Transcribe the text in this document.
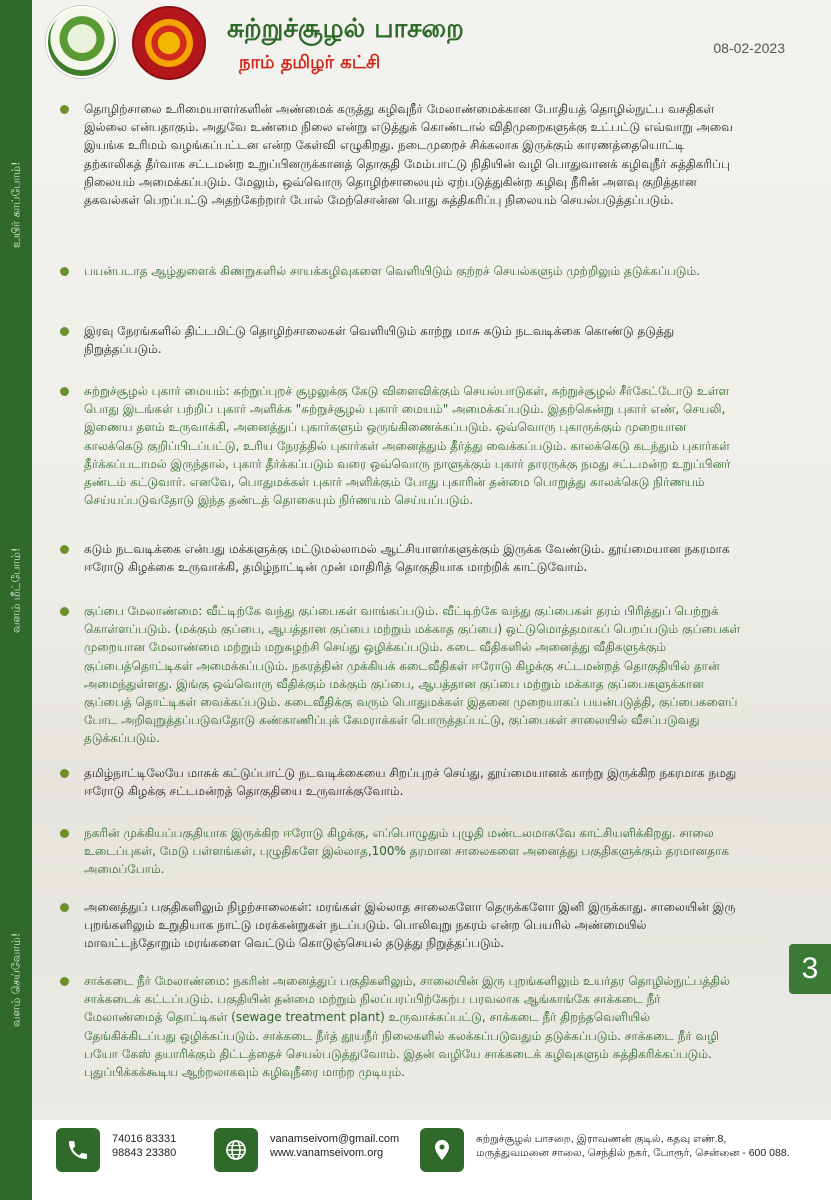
உயிர் காப்போம்!
வளம் மீட்போம்!
வளம் செய்வோம்!
சுற்றுச்சூழல் பாசறை
நாம் தமிழர் கட்சி
08-02-2023
தொழிற்சாலை உரிமையாளர்களின் அண்மைக் கருத்து கழிவுநீர் மேலாண்மைக்கான போதியத் தொழில்நுட்ப வசதிகள் இல்லை என்பதாகும். அதுவே உண்மை நிலை என்று எடுத்துக் கொண்டால் விதிமுறைகளுக்கு உட்பட்டு எவ்வாறு அவை இயங்க உரிமம் வழங்கப்பட்டன என்ற கேள்வி எழுகிறது. நடைமுறைச் சிக்கலாக இருக்கும் காரணத்தையொட்டி தற்காலிகத் தீர்வாக சட்டமன்ற உறுப்பினருக்கானத் தொகுதி மேம்பாட்டு நிதியின் வழி பொதுவானக் கழிவுநீர் சுத்திகரிப்பு நிலையம் அமைக்கப்படும். மேலும், ஒவ்வொரு தொழிற்சாலையும் ஏற்படுத்துகின்ற கழிவு நீரின் அளவு குறித்தான தகவல்கள் பெறப்பட்டு அதற்கேற்றார் போல் மேற்சொன்ன பொது சுத்திகரிப்பு நிலையம் செயல்படுத்தப்படும்.
பயன்படாத ஆழ்துளைக் கிணறுகளில் சாயக்கழிவுகளை வெளியிடும் குற்றச் செயல்களும் முற்றிலும் தடுக்கப்படும்.
இரவு நேரங்களில் திட்டமிட்டு தொழிற்சாலைகள் வெளியிடும் காற்று மாசு கடும் நடவடிக்கை கொண்டு தடுத்து நிறுத்தப்படும்.
சுற்றுச்சூழல் புகார் மையம்: சுற்றுப்புறச் சூழலுக்கு கேடு விளைவிக்கும் செயல்பாடுகள், சுற்றுச்சூழல் சீர்கேட்டோடு உள்ள பொது இடங்கள் பற்றிப் புகார் அளிக்க "சுற்றுச்சூழல் புகார் மையம்" அமைக்கப்படும். இதற்கென்று புகார் எண், செயலி, இணைய தளம் உருவாக்கி, அனைத்துப் புகார்களும் ஒருங்கிணைக்கப்படும். ஒவ்வொரு புகாருக்கும் முறையான காலக்கெடு குறிப்பிடப்பட்டு, உரிய நேரத்தில் புகார்கள் அனைத்தும் தீர்த்து வைக்கப்படும். காலக்கெடு கடந்தும் புகார்கள் தீர்க்கப்படாமல் இருந்தால், புகார் தீர்க்கப்படும் வரை ஒவ்வொரு நாளுக்கும் புகார் தாரருக்கு நமது சட்டமன்ற உறுப்பினர் தண்டம் கட்டுவார். எனவே, பொதுமக்கள் புகார் அளிக்கும் போது புகாரின் தன்மை பொறுத்து காலக்கெடு நிர்ணயம் செய்யப்படுவதோடு இந்த தண்டத் தொகையும் நிர்ணயம் செய்யப்படும்.
கடும் நடவடிக்கை என்பது மக்களுக்கு மட்டுமல்லாமல் ஆட்சியாளர்களுக்கும் இருக்க வேண்டும். தூய்மையான நகரமாக ஈரோடு கிழக்கை உருவாக்கி, தமிழ்நாட்டின் முன் மாதிரித் தொகுதியாக மாற்றிக் காட்டுவோம்.
குப்பை மேலாண்மை: வீட்டிற்கே வந்து குப்பைகள் வாங்கப்படும். வீட்டிற்கே வந்து குப்பைகள் தரம் பிரித்துப் பெற்றுக் கொள்ளப்படும். (மக்கும் குப்பை, ஆபத்தான குப்பை மற்றும் மக்காத குப்பை) ஒட்டுமொத்தமாகப் பெறப்படும் குப்பைகள் முறையான மேலாண்மை மற்றும் மறுசுழற்சி செய்து ஒழிக்கப்படும். கடை வீதிகளில் அனைத்து வீதிகளுக்கும் குப்பைத்தொட்டிகள் அமைக்கப்படும். நகரத்தின் முக்கியக் கடைவீதிகள் ஈரோடு கிழக்கு சட்டமன்றத் தொகுதியில் தான் அமைந்துள்ளது. இங்கு ஒவ்வொரு வீதிக்கும் மக்கும் குப்பை, ஆபத்தான குப்பை மற்றும் மக்காத குப்பைகளுக்கான குப்பைத் தொட்டிகள் வைக்கப்படும். கடைவீதிக்கு வரும் பொதுமக்கள் இதனை முறையாகப் பயன்படுத்தி, குப்பைகளைப் போட அறிவுறுத்தப்படுவதோடு கண்காணிப்புக் கேமராக்கள் பொருத்தப்பட்டு, குப்பைகள் சாலையில் வீசப்படுவது தடுக்கப்படும்.
தமிழ்நாட்டிலேயே மாசுக் கட்டுப்பாட்டு நடவடிக்கையை சிறப்புறச் செய்து, தூய்மையானக் காற்று இருக்கிற நகரமாக நமது ஈரோடு கிழக்கு சட்டமன்றத் தொகுதியை உருவாக்குவோம்.
நகரின் முக்கியப்பகுதியாக இருக்கிற ஈரோடு கிழக்கு, எப்பொழுதும் புழுதி மண்டலமாகவே காட்சியளிக்கிறது. சாலை உடைப்புகள், மேடு பள்ளங்கள், புழுதிகளே இல்லாத,100% தரமான சாலைகளை அனைத்து பகுதிகளுக்கும் தரமானதாக அமைப்போம்.
அனைத்துப் பகுதிகளிலும் நிழற்சாலைகள்: மரங்கள் இல்லாத சாலைகளோ தெருக்களோ இனி இருக்காது. சாலையின் இரு புறங்களிலும் உறுதியாக நாட்டு மரக்கன்றுகள் நடப்படும். பொலிவுறு நகரம் என்ற பெயரில் அண்மையில் மாவட்டந்தோறும் மரங்களை வெட்டும் கொடுஞ்செயல் தடுத்து நிறுத்தப்படும்.
சாக்கடை நீர் மேலாண்மை: நகரின் அனைத்துப் பகுதிகளிலும், சாலையின் இரு புறங்களிலும் உயர்தர தொழில்நுட்பத்தில் சாக்கடைக் கட்டப்படும். பகுதியின் தன்மை மற்றும் நிலப்பரப்பிற்கேற்ப பரவலாக ஆங்காங்கே சாக்கடை நீர் மேலாண்மைத் தொட்டிகள் (sewage treatment plant) உருவாக்கப்பட்டு, சாக்கடை நீர் திறந்தவெளியில் தேங்கிக்கிடப்பது ஒழிக்கப்படும். சாக்கடை நீர்த் தூயநீர் நிலைகளில் கலக்கப்படுவதும் தடுக்கப்படும். சாக்கடை நீர் வழி பயோ கேஸ் தயாரிக்கும் திட்டத்தைச் செயல்படுத்துவோம். இதன் வழியே சாக்கடைக் கழிவுகளும் சுத்திகரிக்கப்படும். புதுப்பிக்கக்கூடிய ஆற்றலாகவும் கழிவுநீரை மாற்ற முடியும்.
3
74016 83331
98843 23380
vanamseivom@gmail.com
www.vanamseivom.org
சுற்றுச்சூழல் பாசறை, இராவணன் குடில், கதவு எண்.8,
மருத்துவமனை சாலை, செந்தில் நகர், போரூர், சென்னை - 600 088.
